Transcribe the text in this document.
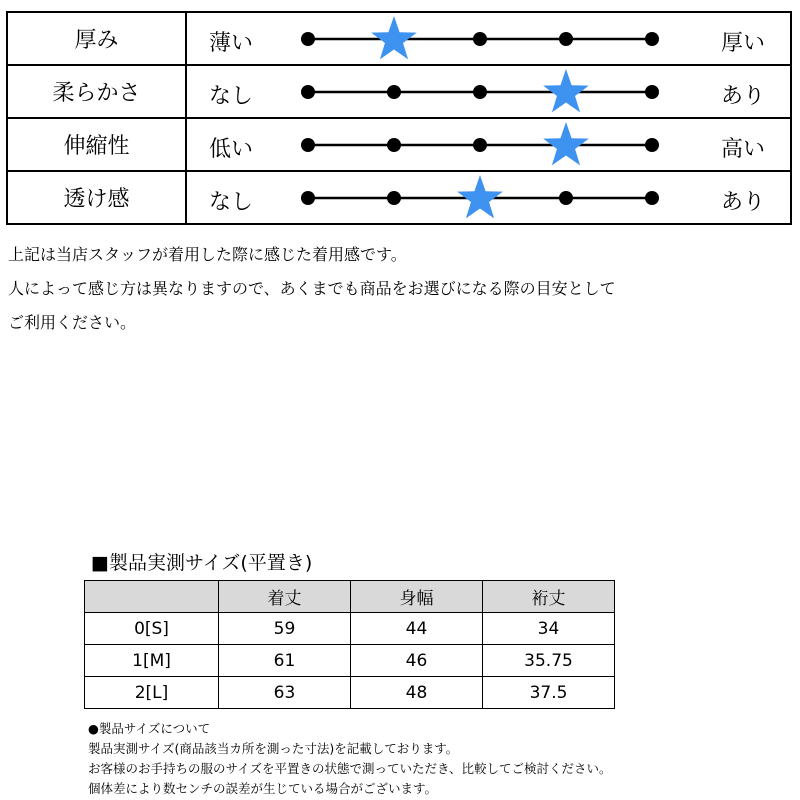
厚み	薄い 厚い

柔らかさ	なし あり

伸縮性	低い 高い

透け感	なし あり
上記は当店スタッフが着用した際に感じた着用感です。
人によって感じ方は異なりますので、あくまでも商品をお選びになる際の目安として
ご利用ください。
■製品実測サイズ(平置き)
	着丈	身幅	裄丈
0[S]	59	44	34
1[M]	61	46	35.75
2[L]	63	48	37.5
●製品サイズについて
製品実測サイズ(商品該当カ所を測った寸法)を記載しております。
お客様のお手持ちの服のサイズを平置きの状態で測っていただき、比較してご検討ください。
個体差により数センチの誤差が生じている場合がございます。
